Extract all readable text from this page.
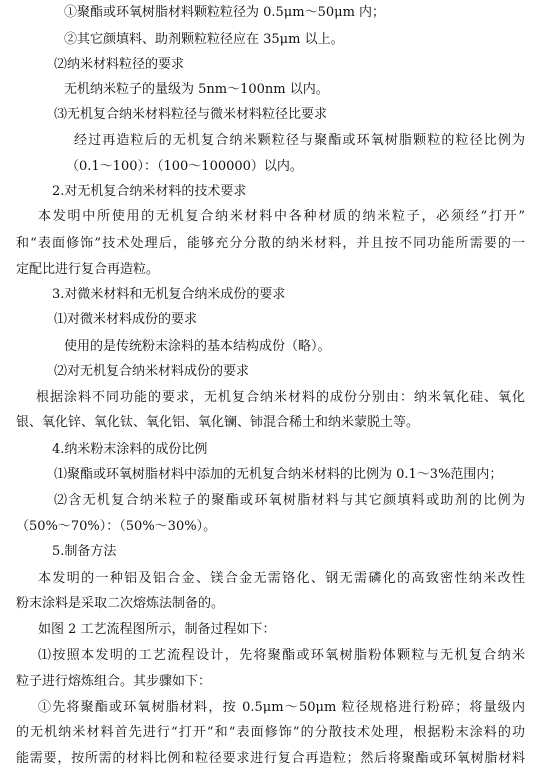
①聚酯或环氧树脂材料颗粒粒径为 0.5μm～50μm 内；
②其它颜填料、助剂颗粒粒径应在 35μm 以上。
⑵纳米材料粒径的要求
无机纳米粒子的量级为 5nm～100nm 以内。
⑶无机复合纳米材料粒径与微米材料粒径比要求
经过再造粒后的无机复合纳米颗粒径与聚酯或环氧树脂颗粒的粒径比例为
（0.1～100）：（100～100000）以内。
2.对无机复合纳米材料的技术要求
本发明中所使用的无机复合纳米材料中各种材质的纳米粒子，必须经“打开”
和“表面修饰”技术处理后，能够充分分散的纳米材料，并且按不同功能所需要的一
定配比进行复合再造粒。
3.对微米材料和无机复合纳米成份的要求
⑴对微米材料成份的要求
使用的是传统粉末涂料的基本结构成份（略）。
⑵对无机复合纳米材料成份的要求
根据涂料不同功能的要求，无机复合纳米材料的成份分别由：纳米氧化硅、氧化
银、氧化锌、氧化钛、氧化铝、氧化镧、铈混合稀土和纳米蒙脱土等。
4.纳米粉末涂料的成份比例
⑴聚酯或环氧树脂材料中添加的无机复合纳米材料的比例为 0.1～3%范围内；
⑵含无机复合纳米粒子的聚酯或环氧树脂材料与其它颜填料或助剂的比例为
（50%～70%）：（50%～30%）。
5.制备方法
本发明的一种铝及铝合金、镁合金无需铬化、钢无需磷化的高致密性纳米改性
粉末涂料是采取二次熔炼法制备的。
如图 2 工艺流程图所示，制备过程如下：
⑴按照本发明的工艺流程设计，先将聚酯或环氧树脂粉体颗粒与无机复合纳米
粒子进行熔炼组合。其步骤如下：
①先将聚酯或环氧树脂材料，按 0.5μm～50μm 粒径规格进行粉碎；将量级内
的无机纳米材料首先进行“打开”和“表面修饰”的分散技术处理，根据粉末涂料的功
能需要，按所需的材料比例和粒径要求进行复合再造粒；然后将聚酯或环氧树脂材料
